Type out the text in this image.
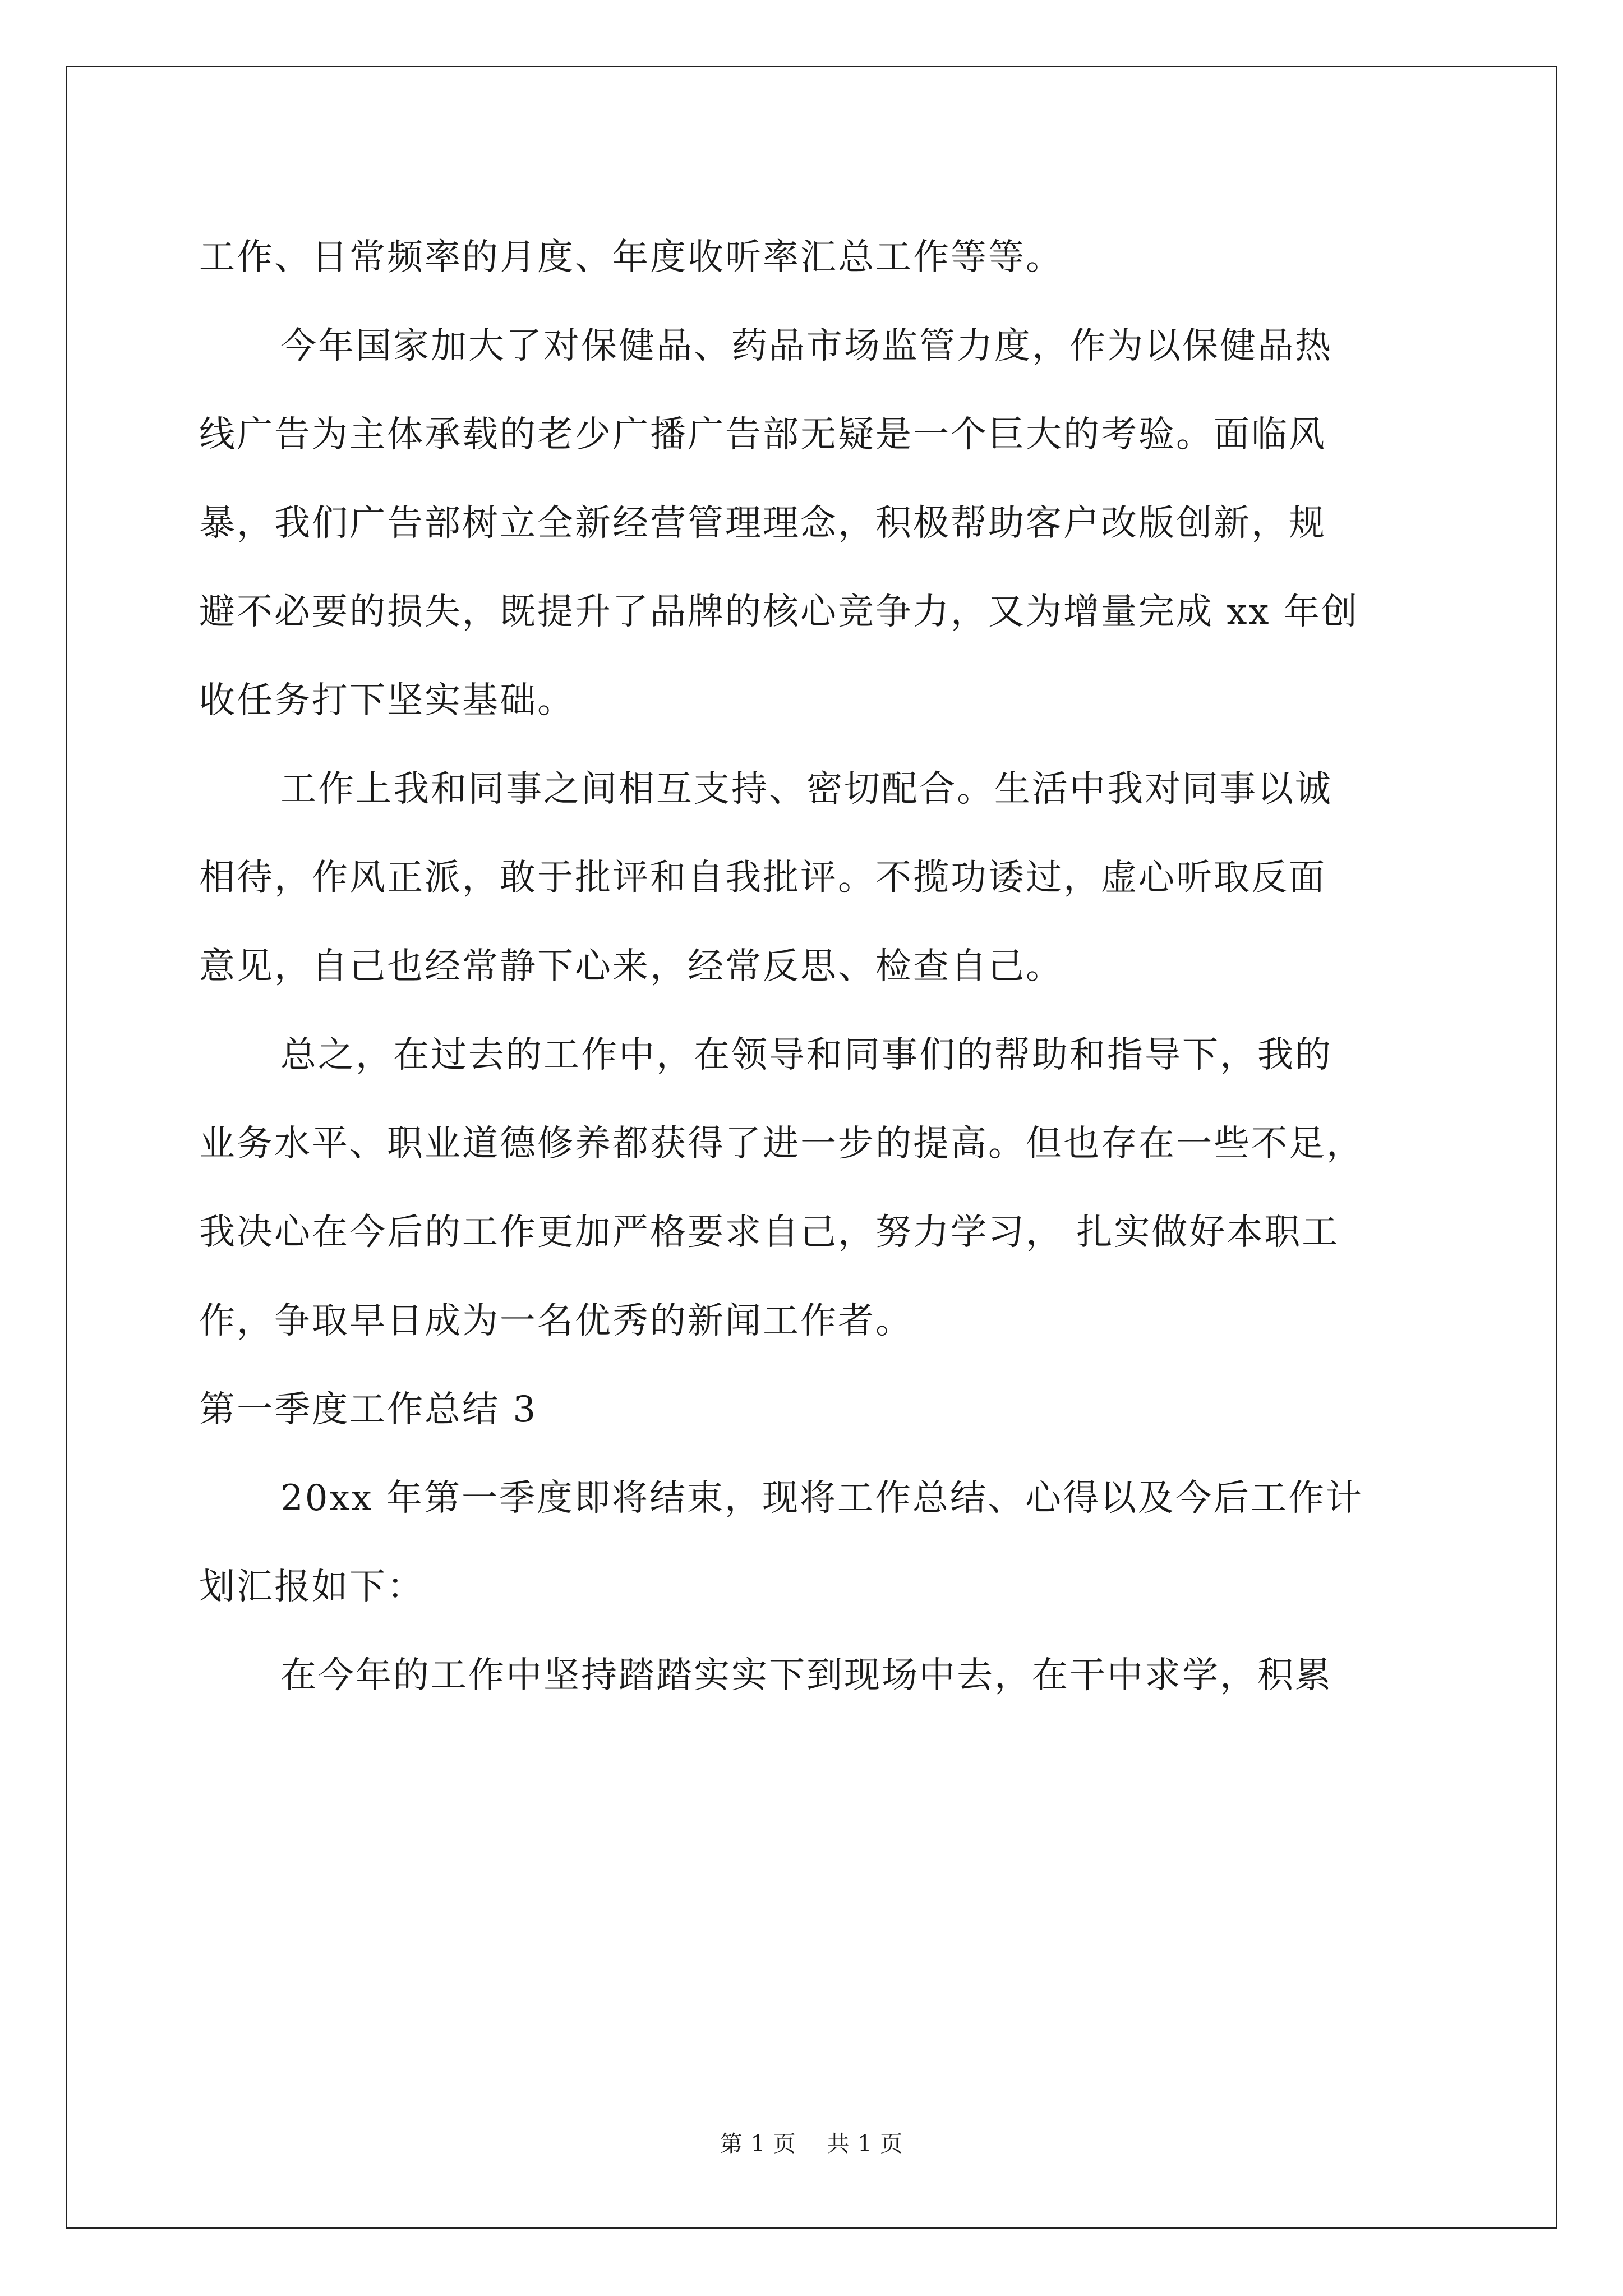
工作、日常频率的月度、年度收听率汇总工作等等。
今年国家加大了对保健品、药品市场监管力度，作为以保健品热
线广告为主体承载的老少广播广告部无疑是一个巨大的考验。面临风
暴，我们广告部树立全新经营管理理念，积极帮助客户改版创新，规
避不必要的损失，既提升了品牌的核心竞争力，又为增量完成 xx 年创
收任务打下坚实基础。
工作上我和同事之间相互支持、密切配合。生活中我对同事以诚
相待，作风正派，敢于批评和自我批评。不揽功诿过，虚心听取反面
意见，自己也经常静下心来，经常反思、检查自己。
总之，在过去的工作中，在领导和同事们的帮助和指导下，我的
业务水平、职业道德修养都获得了进一步的提高。但也存在一些不足，
我决心在今后的工作更加严格要求自己，努力学习， 扎实做好本职工
作，争取早日成为一名优秀的新闻工作者。
第一季度工作总结 3
20xx 年第一季度即将结束，现将工作总结、心得以及今后工作计
划汇报如下：
在今年的工作中坚持踏踏实实下到现场中去，在干中求学，积累
第 1 页    共 1 页
